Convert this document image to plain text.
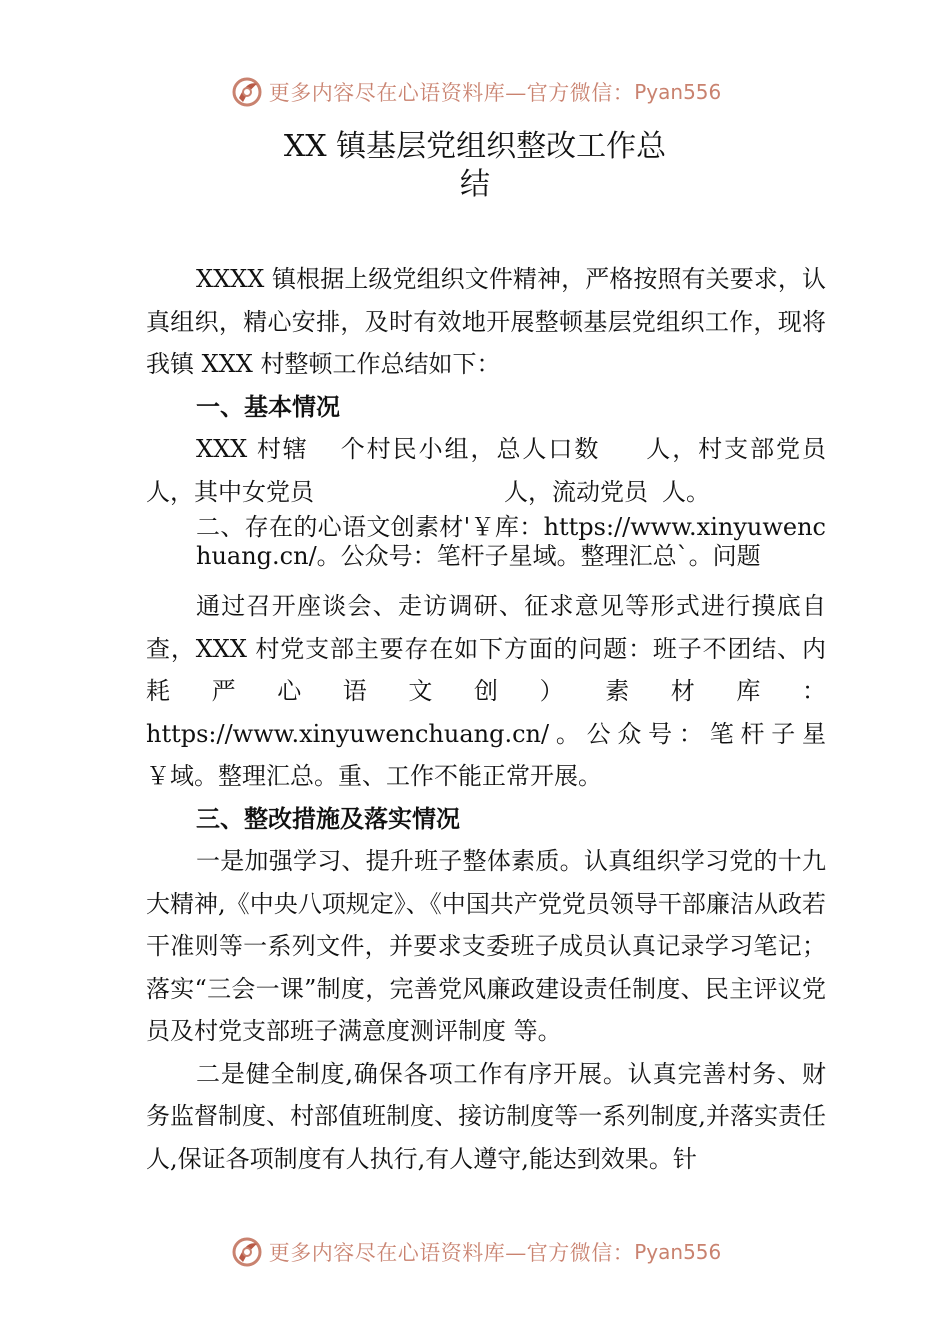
更多内容尽在心语资料库—官方微信： Pyan556
XX 镇基层党组织整改工作总
结

XXXX 镇根据上级党组织文件精神，严格按照有关要求，认真组织，精心安排，及时有效地开展整顿基层党组织工作，现将我镇 XXX 村整顿工作总结如下：

一、基本情况

XXX 村辖 个村民小组，总人口数 人，村支部党员人，其中女党员	人，流动党员 人。

二、存在的心语文创素材'￥库：https://www.xinyuwenchuang.cn/。公众号：笔杆子星域。整理汇总`。问题

通过召开座谈会、走访调研、征求意见等形式进行摸底自查，XXX 村党支部主要存在如下方面的问题：班子不团结、内耗严心语文创）素材库：https://www.xinyuwenchuang.cn/。公众号：笔杆子星￥域。整理汇总。重、工作不能正常开展。

三、整改措施及落实情况

一是加强学习、提升班子整体素质。认真组织学习党的十九大精神,《中央八项规定》、《中国共产党党员领导干部廉洁从政若干准则等一系列文件，并要求支委班子成员认真记录学习笔记；落实“三会一课”制度，完善党风廉政建设责任制度、民主评议党员及村党支部班子满意度测评制度 等。

二是健全制度,确保各项工作有序开展。认真完善村务、财务监督制度、村部值班制度、接访制度等一系列制度,并落实责任人,保证各项制度有人执行,有人遵守,能达到效果。针

更多内容尽在心语资料库—官方微信： Pyan556
